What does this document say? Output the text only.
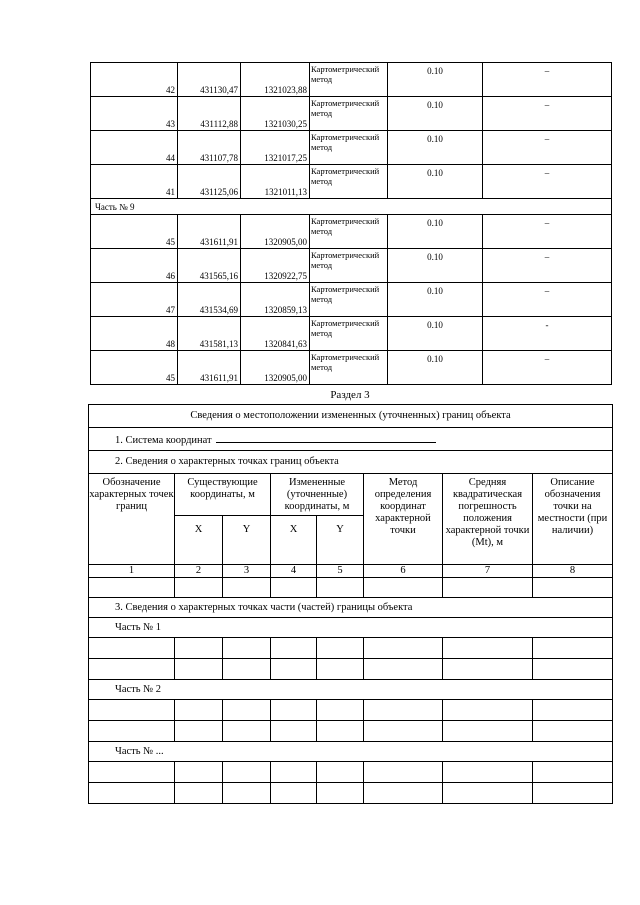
42	431130,47	1321023,88	Картометрический метод	0.10	–
43	431112,88	1321030,25	Картометрический метод	0.10	–
44	431107,78	1321017,25	Картометрический метод	0.10	–
41	431125,06	1321011,13	Картометрический метод	0.10	–
Часть № 9					
45	431611,91	1320905,00	Картометрический метод	0.10	–
46	431565,16	1320922,75	Картометрический метод	0.10	–
47	431534,69	1320859,13	Картометрический метод	0.10	–
48	431581,13	1320841,63	Картометрический метод	0.10	-
45	431611,91	1320905,00	Картометрический метод	0.10	–
Раздел 3
Сведения о местоположении измененных (уточненных) границ объекта							
1. Система координат							
2. Сведения о характерных точках границ объекта							
Обозначение характерных точек границ	Существующие координаты, м		Измененные (уточненные) координаты, м		Метод определения координат характерной точки	Средняя квадратическая погрешность положения характерной точки (Mt), м	Описание обозначения точки на местности (при наличии)
	X	Y	X	Y			
1	2	3	4	5	6	7	8

3. Сведения о характерных точках части (частей) границы объекта							
Часть № 1							

Часть № 2							

Часть № ...							
